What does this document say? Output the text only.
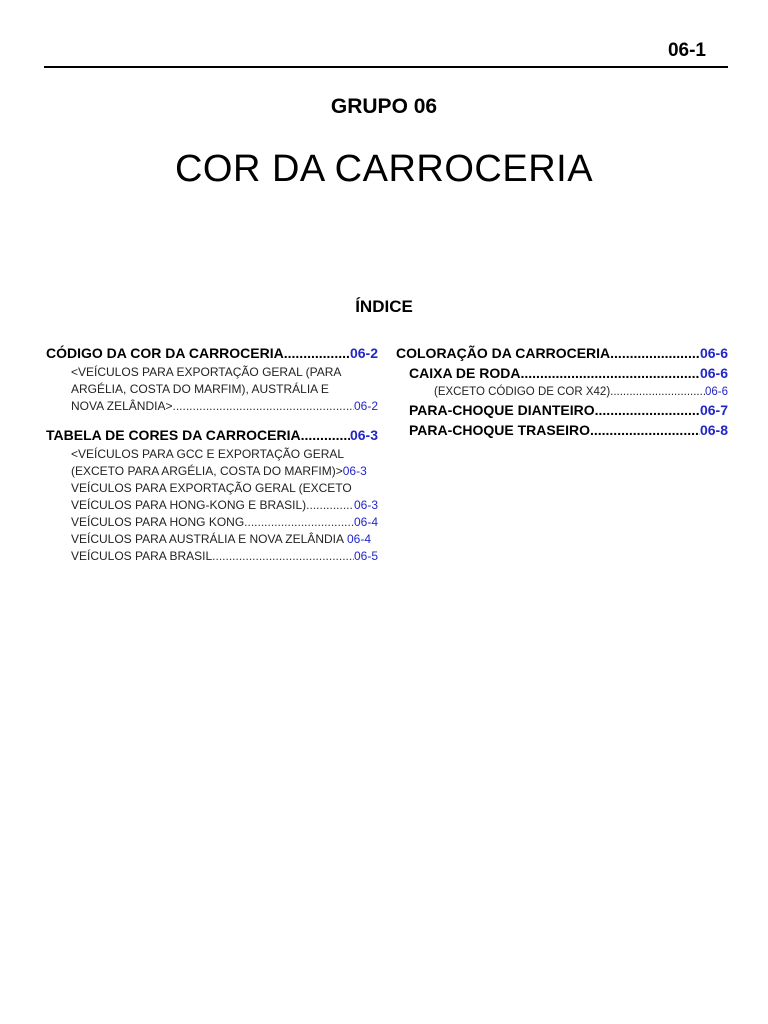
06-1
GRUPO 06
COR DA CARROCERIA
ÍNDICE
CÓDIGO DA COR DA CARROCERIA .....	06-2
<VEÍCULOS PARA EXPORTAÇÃO GERAL (PARA
ARGÉLIA, COSTA DO MARFIM), AUSTRÁLIA E
NOVA ZELÂNDIA> .....	06-2
TABELA DE CORES DA CARROCERIA .....	06-3
<VEÍCULOS PARA GCC E EXPORTAÇÃO GERAL
(EXCETO PARA ARGÉLIA, COSTA DO MARFIM)> 06-3
VEÍCULOS PARA EXPORTAÇÃO GERAL (EXCETO
VEÍCULOS PARA HONG-KONG E BRASIL) .....	06-3
VEÍCULOS PARA HONG KONG .....	06-4
VEÍCULOS PARA AUSTRÁLIA E NOVA ZELÂNDIA 06-4
VEÍCULOS PARA BRASIL .....	06-5
COLORAÇÃO DA CARROCERIA .....	06-6
CAIXA DE RODA .....	06-6
(EXCETO CÓDIGO DE COR X42) .....	06-6
PARA-CHOQUE DIANTEIRO .....	06-7
PARA-CHOQUE TRASEIRO .....	06-8
